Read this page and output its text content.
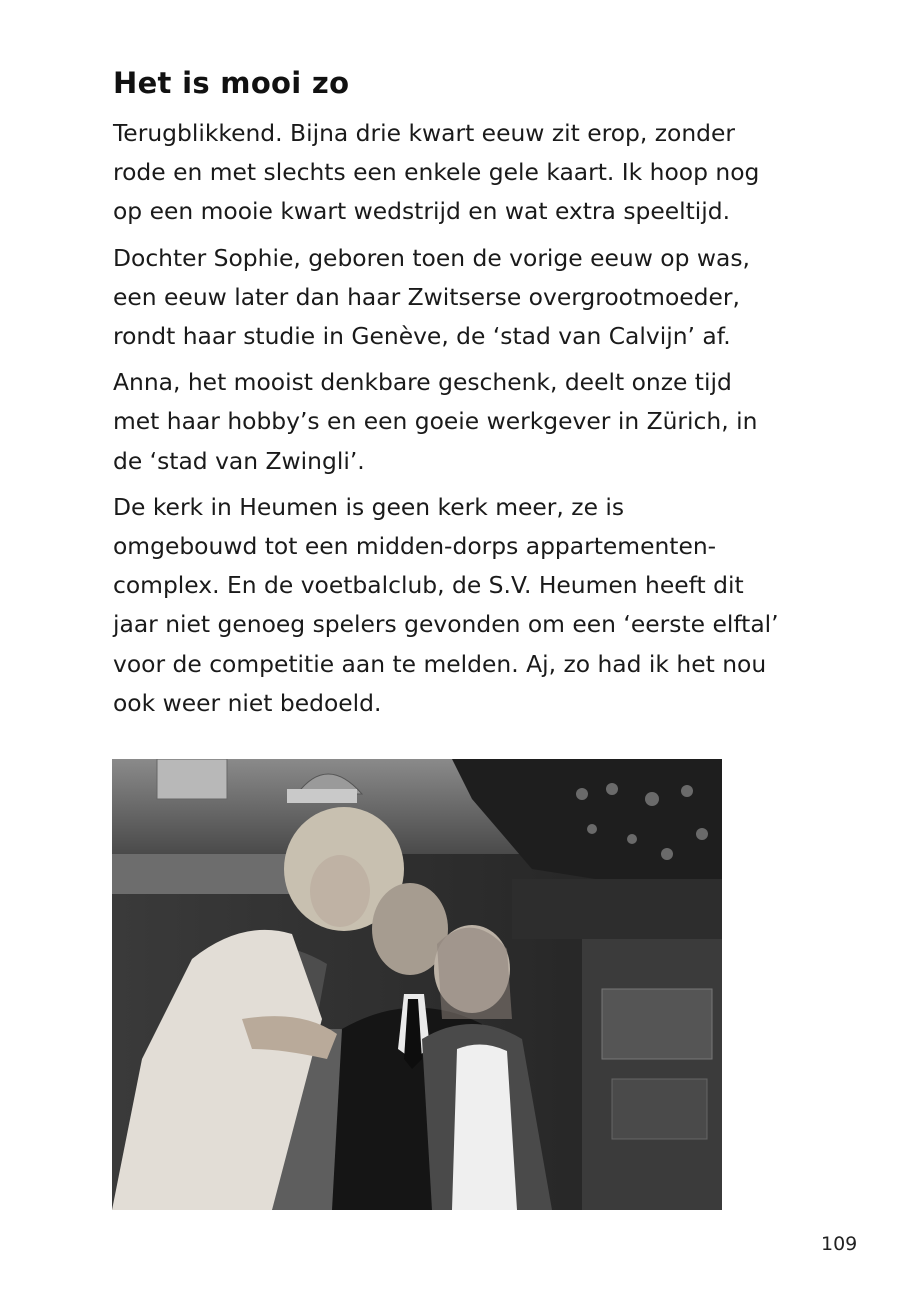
Het is mooi zo

Terugblikkend. Bijna drie kwart eeuw zit erop, zonder
rode en met slechts een enkele gele kaart. Ik hoop nog
op een mooie kwart wedstrijd en wat extra speeltijd.

Dochter Sophie, geboren toen de vorige eeuw op was,
een eeuw later dan haar Zwitserse overgrootmoeder,
rondt haar studie in Genève, de ‘stad van Calvijn’ af.

Anna, het mooist denkbare geschenk, deelt onze tijd
met haar hobby’s en een goeie werkgever in Zürich, in
de ‘stad van Zwingli’.

De kerk in Heumen is geen kerk meer, ze is
omgebouwd tot een midden-dorps appartementen-
complex. En de voetbalclub, de S.V. Heumen heeft dit
jaar niet genoeg spelers gevonden om een ‘eerste elftal’
voor de competitie aan te melden. Aj, zo had ik het nou
ook weer niet bedoeld.

109
